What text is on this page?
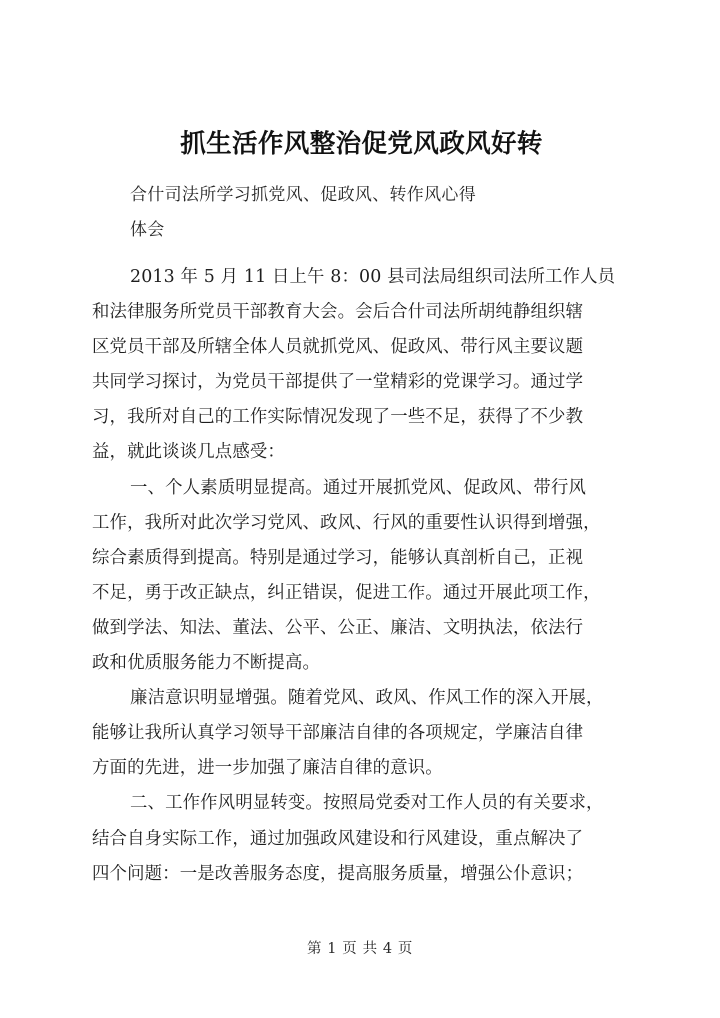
抓生活作风整治促党风政风好转
合什司法所学习抓党风、促政风、转作风心得
体会

2013 年 5 月 11 日上午 8：00 县司法局组织司法所工作人员
和法律服务所党员干部教育大会。会后合什司法所胡纯静组织辖
区党员干部及所辖全体人员就抓党风、促政风、带行风主要议题
共同学习探讨，为党员干部提供了一堂精彩的党课学习。通过学
习，我所对自己的工作实际情况发现了一些不足，获得了不少教
益，就此谈谈几点感受：

一、个人素质明显提高。通过开展抓党风、促政风、带行风
工作，我所对此次学习党风、政风、行风的重要性认识得到增强，
综合素质得到提高。特别是通过学习，能够认真剖析自己，正视
不足，勇于改正缺点，纠正错误，促进工作。通过开展此项工作，
做到学法、知法、董法、公平、公正、廉洁、文明执法，依法行
政和优质服务能力不断提高。

廉洁意识明显增强。随着党风、政风、作风工作的深入开展，
能够让我所认真学习领导干部廉洁自律的各项规定，学廉洁自律
方面的先进，进一步加强了廉洁自律的意识。

二、工作作风明显转变。按照局党委对工作人员的有关要求，
结合自身实际工作，通过加强政风建设和行风建设，重点解决了
四个问题：一是改善服务态度，提高服务质量，增强公仆意识；

第 1 页 共 4 页
